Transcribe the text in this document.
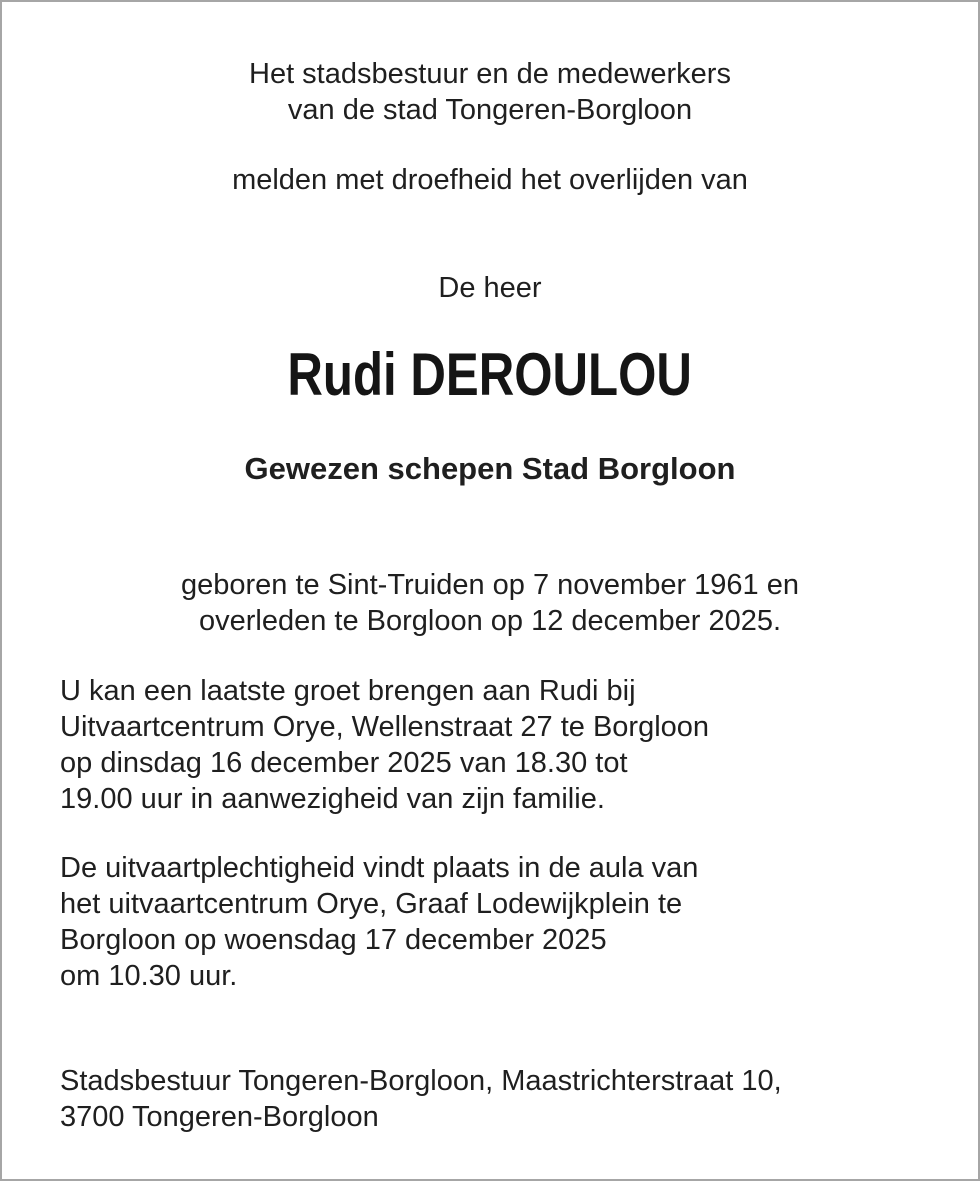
Het stadsbestuur en de medewerkers

van de stad Tongeren-Borgloon

melden met droefheid het overlijden van

De heer

Rudi DEROULOU

Gewezen schepen Stad Borgloon

geboren te Sint-Truiden op 7 november 1961 en

overleden te Borgloon op 12 december 2025.

U kan een laatste groet brengen aan Rudi bij

Uitvaartcentrum Orye, Wellenstraat 27 te Borgloon

op dinsdag 16 december 2025 van 18.30 tot

19.00 uur in aanwezigheid van zijn familie.

De uitvaartplechtigheid vindt plaats in de aula van

het uitvaartcentrum Orye, Graaf Lodewijkplein te

Borgloon op woensdag 17 december 2025

om 10.30 uur.

Stadsbestuur Tongeren-Borgloon, Maastrichterstraat 10,

3700 Tongeren-Borgloon
